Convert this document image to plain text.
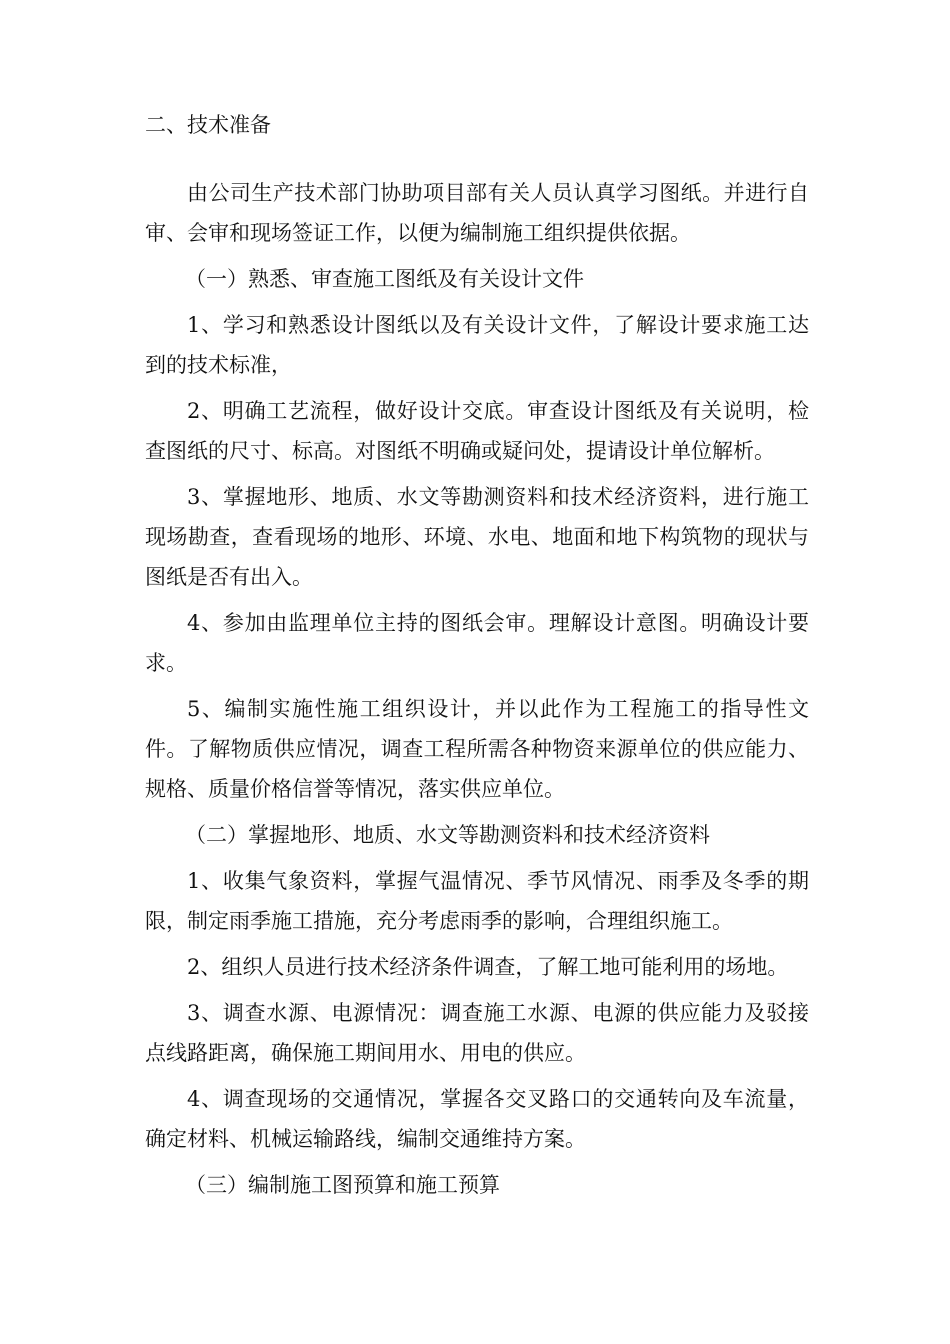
二、技术准备

由公司生产技术部门协助项目部有关人员认真学习图纸。并进行自审、会审和现场签证工作，以便为编制施工组织提供依据。

（一）熟悉、审查施工图纸及有关设计文件

1、学习和熟悉设计图纸以及有关设计文件，了解设计要求施工达到的技术标准，

2、明确工艺流程，做好设计交底。审查设计图纸及有关说明，检查图纸的尺寸、标高。对图纸不明确或疑问处，提请设计单位解析。

3、掌握地形、地质、水文等勘测资料和技术经济资料，进行施工现场勘查，查看现场的地形、环境、水电、地面和地下构筑物的现状与图纸是否有出入。

4、参加由监理单位主持的图纸会审。理解设计意图。明确设计要求。

5、编制实施性施工组织设计，并以此作为工程施工的指导性文件。了解物质供应情况，调查工程所需各种物资来源单位的供应能力、规格、质量价格信誉等情况，落实供应单位。

（二）掌握地形、地质、水文等勘测资料和技术经济资料

1、收集气象资料，掌握气温情况、季节风情况、雨季及冬季的期限，制定雨季施工措施，充分考虑雨季的影响，合理组织施工。

2、组织人员进行技术经济条件调查，了解工地可能利用的场地。

3、调查水源、电源情况：调查施工水源、电源的供应能力及驳接点线路距离，确保施工期间用水、用电的供应。

4、调查现场的交通情况，掌握各交叉路口的交通转向及车流量，确定材料、机械运输路线，编制交通维持方案。

（三）编制施工图预算和施工预算
